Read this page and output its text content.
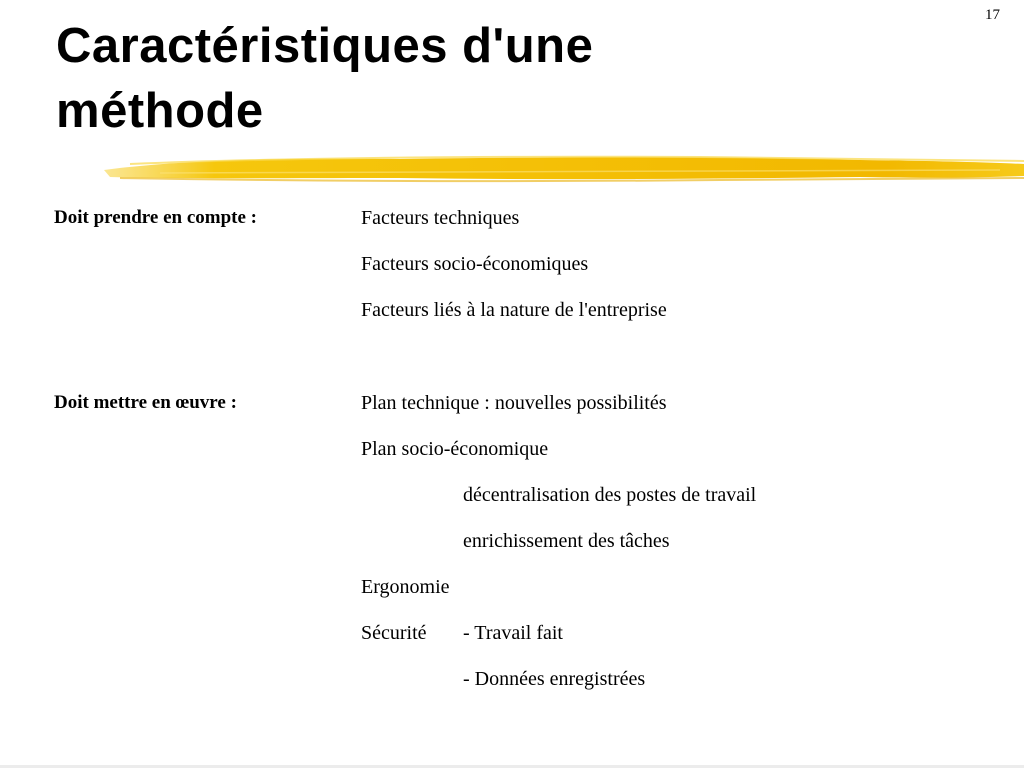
17
Caractéristiques d'une
méthode
Doit prendre en compte :	Facteurs techniques
Facteurs socio-économiques
Facteurs liés à la nature de l'entreprise
Doit mettre en œuvre :	Plan technique : nouvelles possibilités
Plan socio-économique
décentralisation des postes de travail
enrichissement des tâches
Ergonomie
Sécurité - Travail fait
- Données enregistrées
